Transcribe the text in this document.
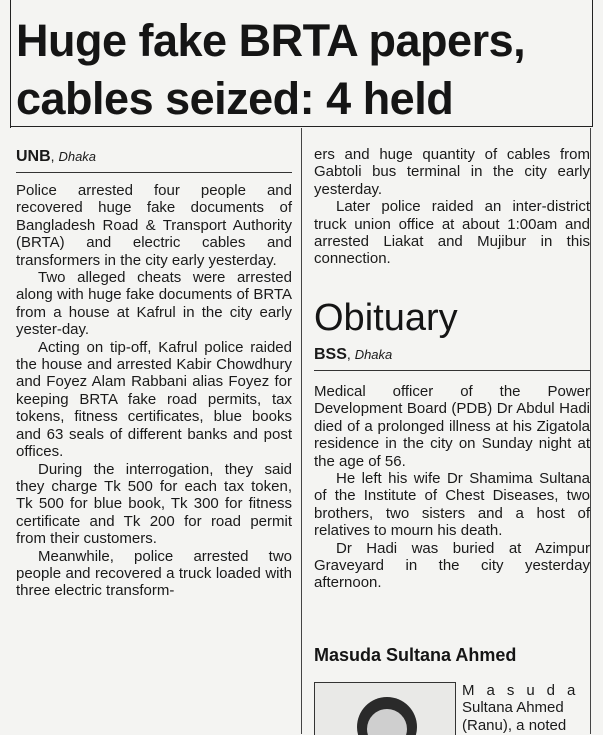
Huge fake BRTA papers,
cables seized: 4 held
UNB, Dhaka

Police arrested four people and recovered huge fake documents of Bangladesh Road & Transport Authority (BRTA) and electric cables and transformers in the city early yesterday.

Two alleged cheats were arrested along with huge fake documents of BRTA from a house at Kafrul in the city early yester-day.

Acting on tip-off, Kafrul police raided the house and arrested Kabir Chowdhury and Foyez Alam Rabbani alias Foyez for keeping BRTA fake road permits, tax tokens, fitness certificates, blue books and 63 seals of different banks and post offices.

During the interrogation, they said they charge Tk 500 for each tax token, Tk 500 for blue book, Tk 300 for fitness certificate and Tk 200 for road permit from their customers.

Meanwhile, police arrested two people and recovered a truck loaded with three electric transform-

ers and huge quantity of cables from Gabtoli bus terminal in the city early yesterday.

Later police raided an inter-district truck union office at about 1:00am and arrested Liakat and Mujibur in this connection.

Obituary
BSS, Dhaka

Medical officer of the Power Development Board (PDB) Dr Abdul Hadi died of a prolonged illness at his Zigatola residence in the city on Sunday night at the age of 56.

He left his wife Dr Shamima Sultana of the Institute of Chest Diseases, two brothers, two sisters and a host of relatives to mourn his death.

Dr Hadi was buried at Azimpur Graveyard in the city yesterday afternoon.

Masuda Sultana Ahmed

Masuda

Sultana Ahmed

(Ranu), a noted
